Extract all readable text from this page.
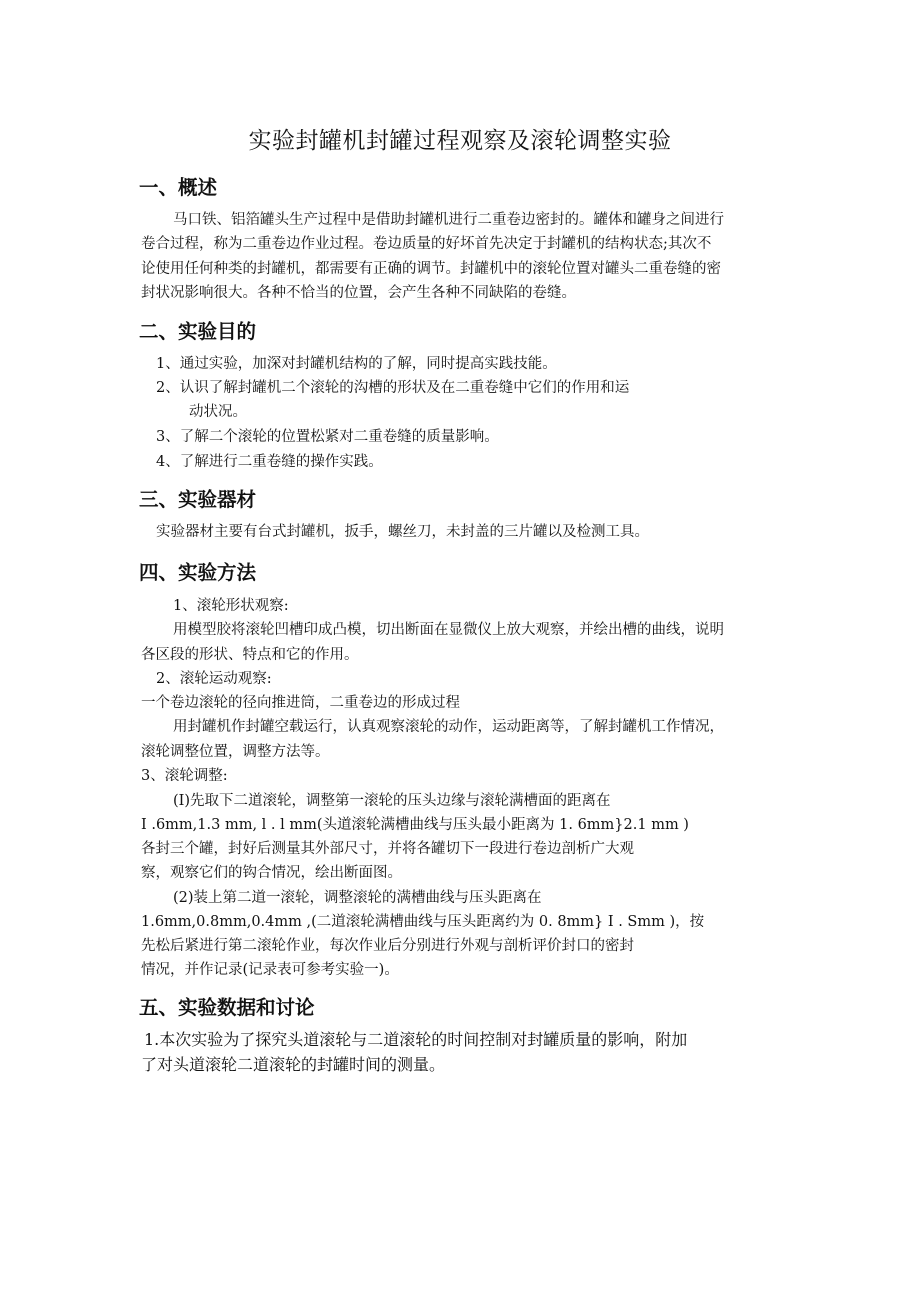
实验封罐机封罐过程观察及滚轮调整实验
一、概述
马口铁、铝箔罐头生产过程中是借助封罐机进行二重卷边密封的。罐体和罐身之间进行
卷合过程，称为二重卷边作业过程。卷边质量的好坏首先决定于封罐机的结构状态;其次不
论使用任何种类的封罐机，都需要有正确的调节。封罐机中的滚轮位置对罐头二重卷缝的密
封状况影响很大。各种不恰当的位置，会产生各种不同缺陷的卷缝。
二、实验目的
1、通过实验，加深对封罐机结构的了解，同时提高实践技能。
2、认识了解封罐机二个滚轮的沟槽的形状及在二重卷缝中它们的作用和运
动状况。
3、了解二个滚轮的位置松紧对二重卷缝的质量影响。
4、了解进行二重卷缝的操作实践。
三、实验器材
实验器材主要有台式封罐机，扳手，螺丝刀，未封盖的三片罐以及检测工具。
四、实验方法
1、滚轮形状观察:
用模型胶将滚轮凹槽印成凸模，切出断面在显微仪上放大观察，并绘出槽的曲线，说明
各区段的形状、特点和它的作用。
2、滚轮运动观察:
一个卷边滚轮的径向推进筒，二重卷边的形成过程
用封罐机作封罐空载运行，认真观察滚轮的动作，运动距离等，了解封罐机工作情况，
滚轮调整位置，调整方法等。
3、滚轮调整:
(I)先取下二道滚轮，调整第一滚轮的压头边缘与滚轮满槽面的距离在
I .6mm,1.3 mm, l . l mm(头道滚轮满槽曲线与压头最小距离为 1. 6mm}2.1 mm )
各封三个罐，封好后测量其外部尺寸，并将各罐切下一段进行卷边剖析广大观
察，观察它们的钩合情况，绘出断面图。
(2)装上第二道一滚轮，调整滚轮的满槽曲线与压头距离在
1.6mm,0.8mm,0.4mm ,(二道滚轮满槽曲线与压头距离约为 0. 8mm} I . Smm )，按
先松后紧进行第二滚轮作业，每次作业后分别进行外观与剖析评价封口的密封
情况，并作记录(记录表可参考实验一)。
五、实验数据和讨论
1.本次实验为了探究头道滚轮与二道滚轮的时间控制对封罐质量的影响，附加
了对头道滚轮二道滚轮的封罐时间的测量。
